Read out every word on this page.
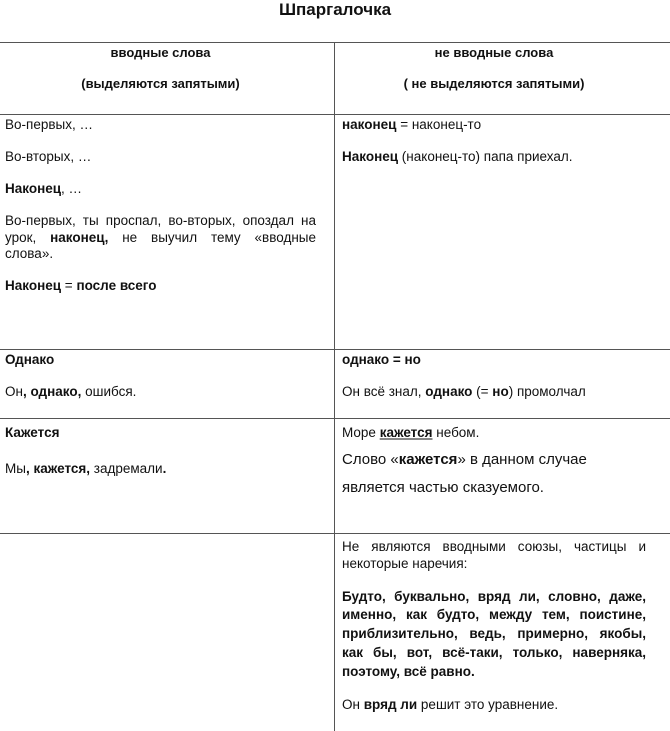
Шпаргалочка

вводные слова

(выделяются запятыми)

не вводные слова

( не выделяются запятыми)

Во-первых, …

Во-вторых, …

Наконец, …

Во-первых, ты проспал, во-вторых, опоздал на урок, наконец, не выучил тему «вводные слова».

Наконец = после всего

наконец = наконец-то

Наконец (наконец-то) папа приехал.

Однако

Он, однако, ошибся.

однако = но

Он всё знал, однако (= но) промолчал

Кажется

Мы, кажется, задремали.

Море кажется небом.

Слово «кажется» в данном случае является частью сказуемого.

Не являются вводными союзы, частицы и некоторые наречия:

Будто, буквально, вряд ли, словно, даже, именно, как будто, между тем, поистине, приблизительно, ведь, примерно, якобы, как бы, вот, всё-таки, только, наверняка, поэтому, всё равно.

Он вряд ли решит это уравнение.
